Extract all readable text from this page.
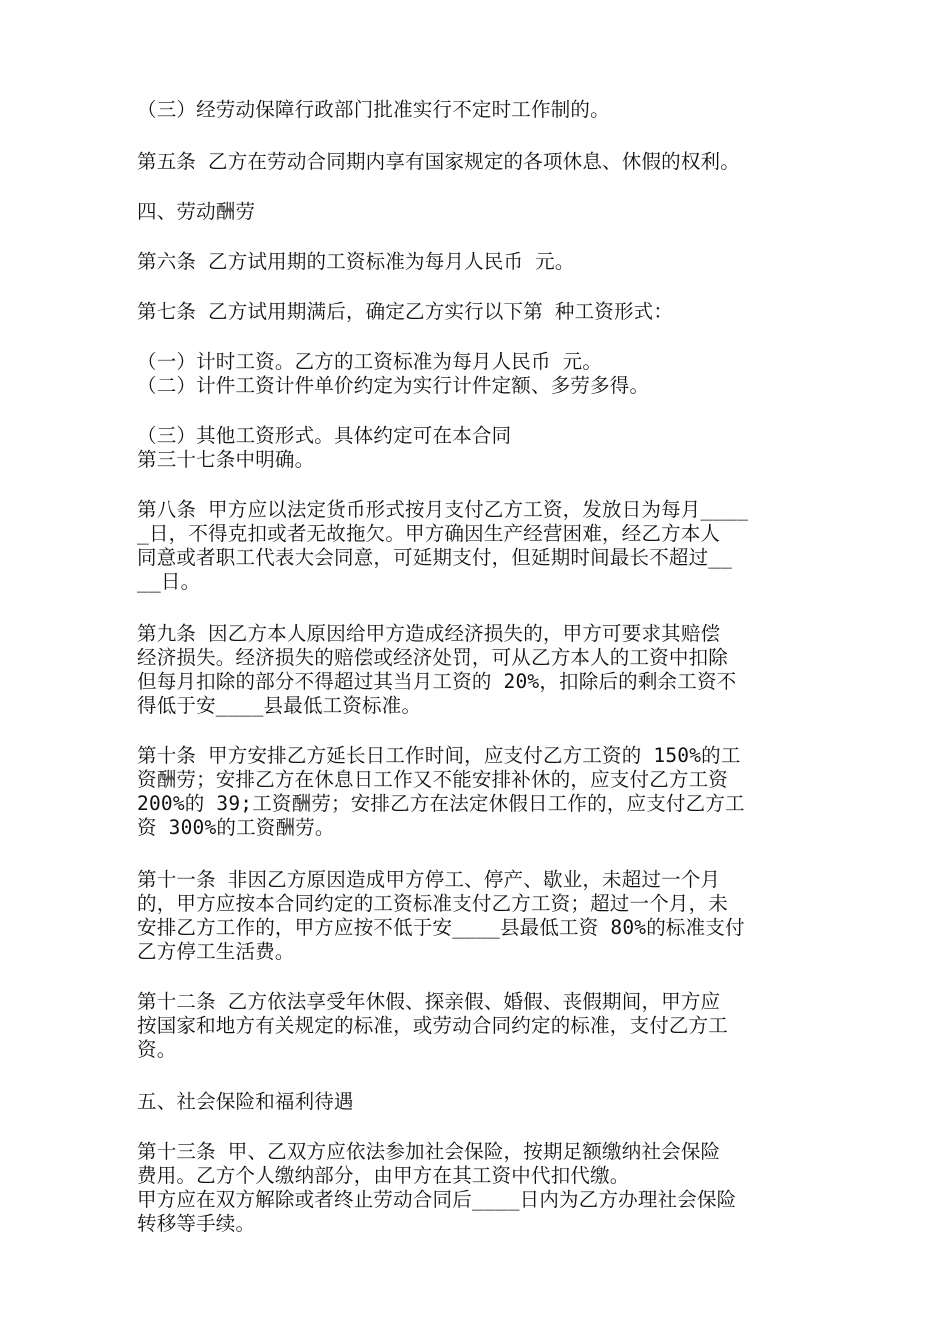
（三）经劳动保障行政部门批准实行不定时工作制的。
第五条 乙方在劳动合同期内享有国家规定的各项休息、休假的权利。
四、劳动酬劳
第六条 乙方试用期的工资标准为每月人民币 元。
第七条 乙方试用期满后，确定乙方实行以下第 种工资形式：
（一）计时工资。乙方的工资标准为每月人民币 元。
（二）计件工资计件单价约定为实行计件定额、多劳多得。
（三）其他工资形式。具体约定可在本合同
第三十七条中明确。
第八条 甲方应以法定货币形式按月支付乙方工资，发放日为每月____
_日，不得克扣或者无故拖欠。甲方确因生产经营困难，经乙方本人
同意或者职工代表大会同意，可延期支付，但延期时间最长不超过__
__日。
第九条 因乙方本人原因给甲方造成经济损失的，甲方可要求其赔偿
经济损失。经济损失的赔偿或经济处罚，可从乙方本人的工资中扣除
但每月扣除的部分不得超过其当月工资的 20%，扣除后的剩余工资不
得低于安____县最低工资标准。
第十条 甲方安排乙方延长日工作时间，应支付乙方工资的 150%的工
资酬劳；安排乙方在休息日工作又不能安排补休的，应支付乙方工资
200%的 39;工资酬劳；安排乙方在法定休假日工作的，应支付乙方工
资 300%的工资酬劳。
第十一条 非因乙方原因造成甲方停工、停产、歇业，未超过一个月
的，甲方应按本合同约定的工资标准支付乙方工资；超过一个月，未
安排乙方工作的，甲方应按不低于安____县最低工资 80%的标准支付
乙方停工生活费。
第十二条 乙方依法享受年休假、探亲假、婚假、丧假期间，甲方应
按国家和地方有关规定的标准，或劳动合同约定的标准，支付乙方工
资。
五、社会保险和福利待遇
第十三条 甲、乙双方应依法参加社会保险，按期足额缴纳社会保险
费用。乙方个人缴纳部分，由甲方在其工资中代扣代缴。
甲方应在双方解除或者终止劳动合同后____日内为乙方办理社会保险
转移等手续。
